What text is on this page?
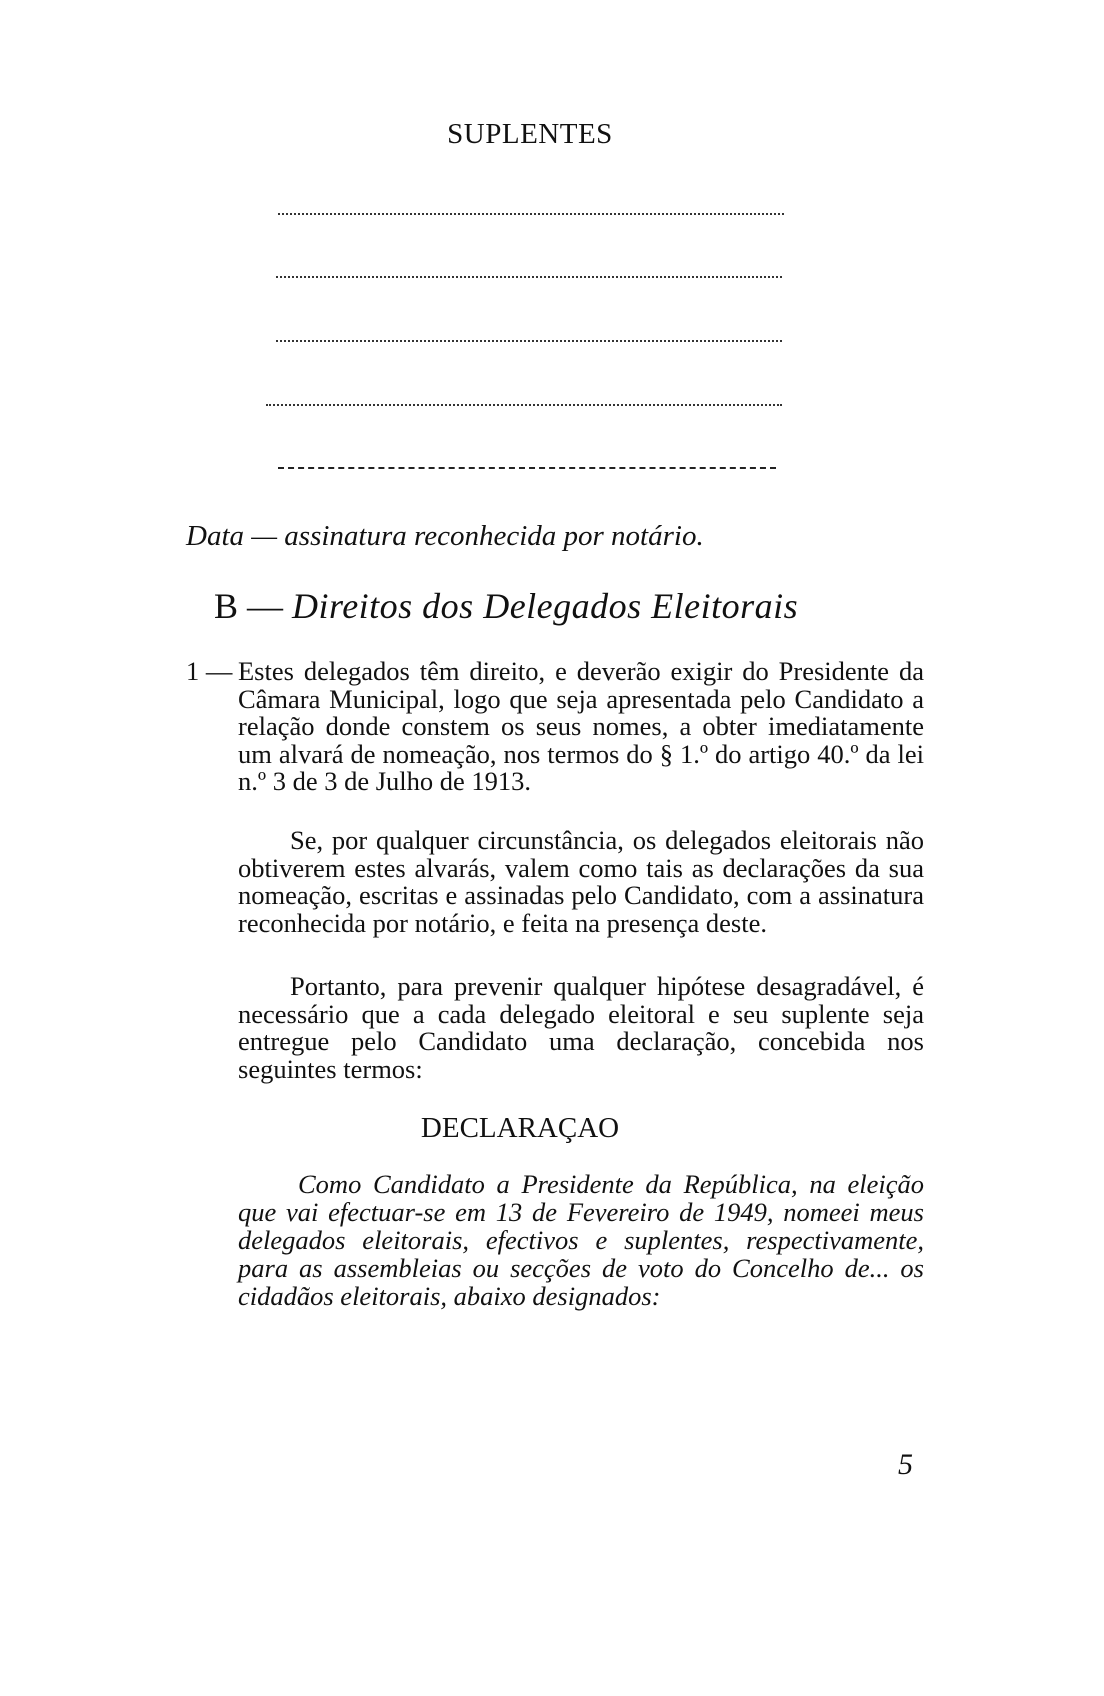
SUPLENTES
Data — assinatura reconhecida por notário.
B — Direitos dos Delegados Eleitorais
1 — Estes delegados têm direito, e deverão exigir do Presidente da Câmara Municipal, logo que seja apresentada pelo Candidato a relação donde constem os seus nomes, a obter imediatamente um alvará de nomeação, nos termos do § 1.º do artigo 40.º da lei n.º 3 de 3 de Julho de 1913.
Se, por qualquer circunstância, os delegados eleitorais não obtiverem estes alvarás, valem como tais as declarações da sua nomeação, escritas e assinadas pelo Candidato, com a assinatura reconhecida por notário, e feita na presença deste.
Portanto, para prevenir qualquer hipótese desagradável, é necessário que a cada delegado eleitoral e seu suplente seja entregue pelo Candidato uma declaração, concebida nos seguintes termos:
DECLARAÇAO
Como Candidato a Presidente da República, na eleição que vai efectuar-se em 13 de Fevereiro de 1949, nomeei meus delegados eleitorais, efectivos e suplentes, respectivamente, para as assembleias ou secções de voto do Concelho de... os cidadãos eleitorais, abaixo designados:
5
